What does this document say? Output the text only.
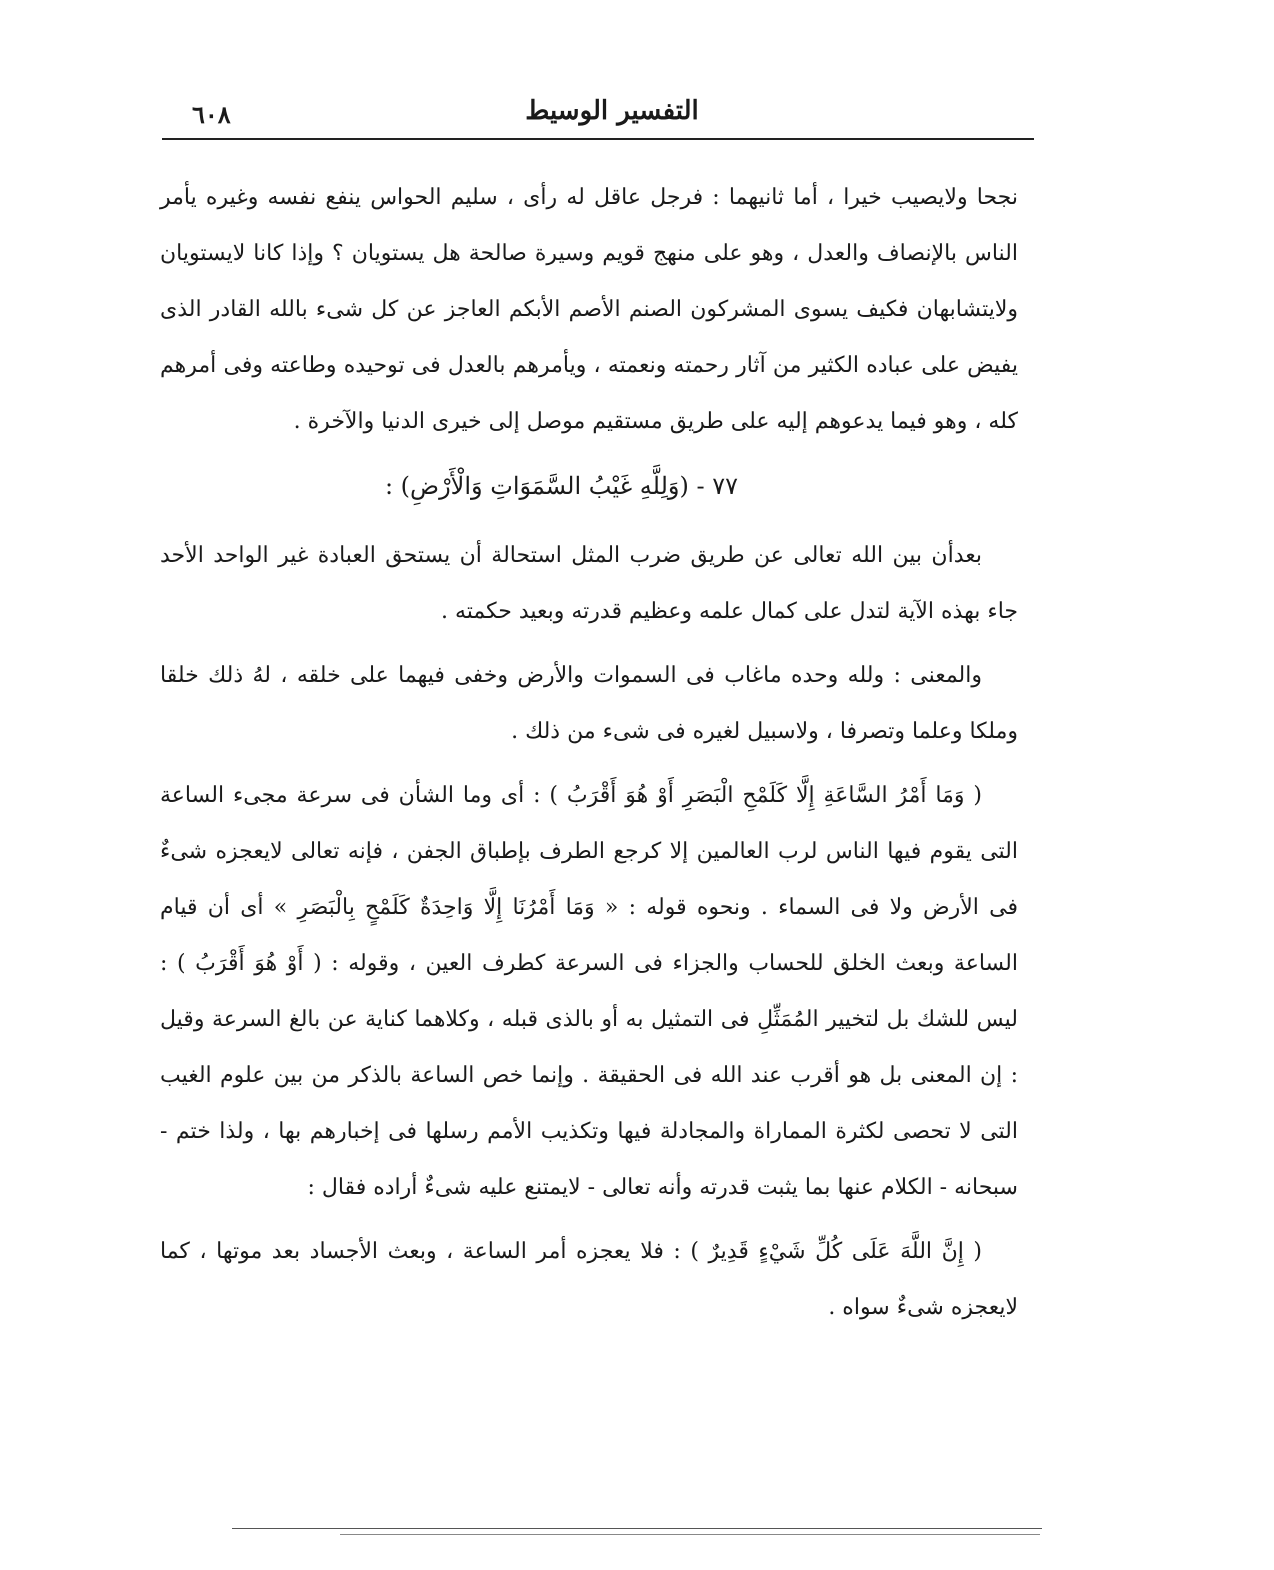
التفسير الوسيط
٦٠٨

نجحا ولايصيب خيرا ، أما ثانيهما : فرجل عاقل له رأى ، سليم الحواس ينفع نفسه وغيره يأمر الناس بالإنصاف والعدل ، وهو على منهج قويم وسيرة صالحة هل يستويان ؟ وإذا كانا لايستويان ولايتشابهان فكيف يسوى المشركون الصنم الأصم الأبكم العاجز عن كل شىء بالله القادر الذى يفيض على عباده الكثير من آثار رحمته ونعمته ، ويأمرهم بالعدل فى توحيده وطاعته وفى أمرهم كله ، وهو فيما يدعوهم إليه على طريق مستقيم موصل إلى خيرى الدنيا والآخرة .

٧٧ - (وَلِلَّهِ غَيْبُ السَّمَوَاتِ وَالْأَرْضِ) :

بعدأن بين الله تعالى عن طريق ضرب المثل استحالة أن يستحق العبادة غير الواحد الأحد جاء بهذه الآية لتدل على كمال علمه وعظيم قدرته وبعيد حكمته .

والمعنى : ولله وحده ماغاب فى السموات والأرض وخفى فيهما على خلقه ، لهُ ذلك خلقا وملكا وعلما وتصرفا ، ولاسبيل لغيره فى شىء من ذلك .

( وَمَا أَمْرُ السَّاعَةِ إِلَّا كَلَمْحِ الْبَصَرِ أَوْ هُوَ أَقْرَبُ ) : أى وما الشأن فى سرعة مجىء الساعة التى يقوم فيها الناس لرب العالمين إلا كرجع الطرف بإطباق الجفن ، فإنه تعالى لايعجزه شىءٌ فى الأرض ولا فى السماء . ونحوه قوله : « وَمَا أَمْرُنَا إِلَّا وَاحِدَةٌ كَلَمْحٍ بِالْبَصَرِ » أى أن قيام الساعة وبعث الخلق للحساب والجزاء فى السرعة كطرف العين ، وقوله : ( أَوْ هُوَ أَقْرَبُ ) : ليس للشك بل لتخيير المُمَثِّلِ فى التمثيل به أو بالذى قبله ، وكلاهما كناية عن بالغ السرعة وقيل : إن المعنى بل هو أقرب عند الله فى الحقيقة . وإنما خص الساعة بالذكر من بين علوم الغيب التى لا تحصى لكثرة المماراة والمجادلة فيها وتكذيب الأمم رسلها فى إخبارهم بها ، ولذا ختم - سبحانه - الكلام عنها بما يثبت قدرته وأنه تعالى - لايمتنع عليه شىءٌ أراده فقال :

( إِنَّ اللَّهَ عَلَى كُلِّ شَيْءٍ قَدِيرٌ ) : فلا يعجزه أمر الساعة ، وبعث الأجساد بعد موتها ، كما لايعجزه شىءٌ سواه .
